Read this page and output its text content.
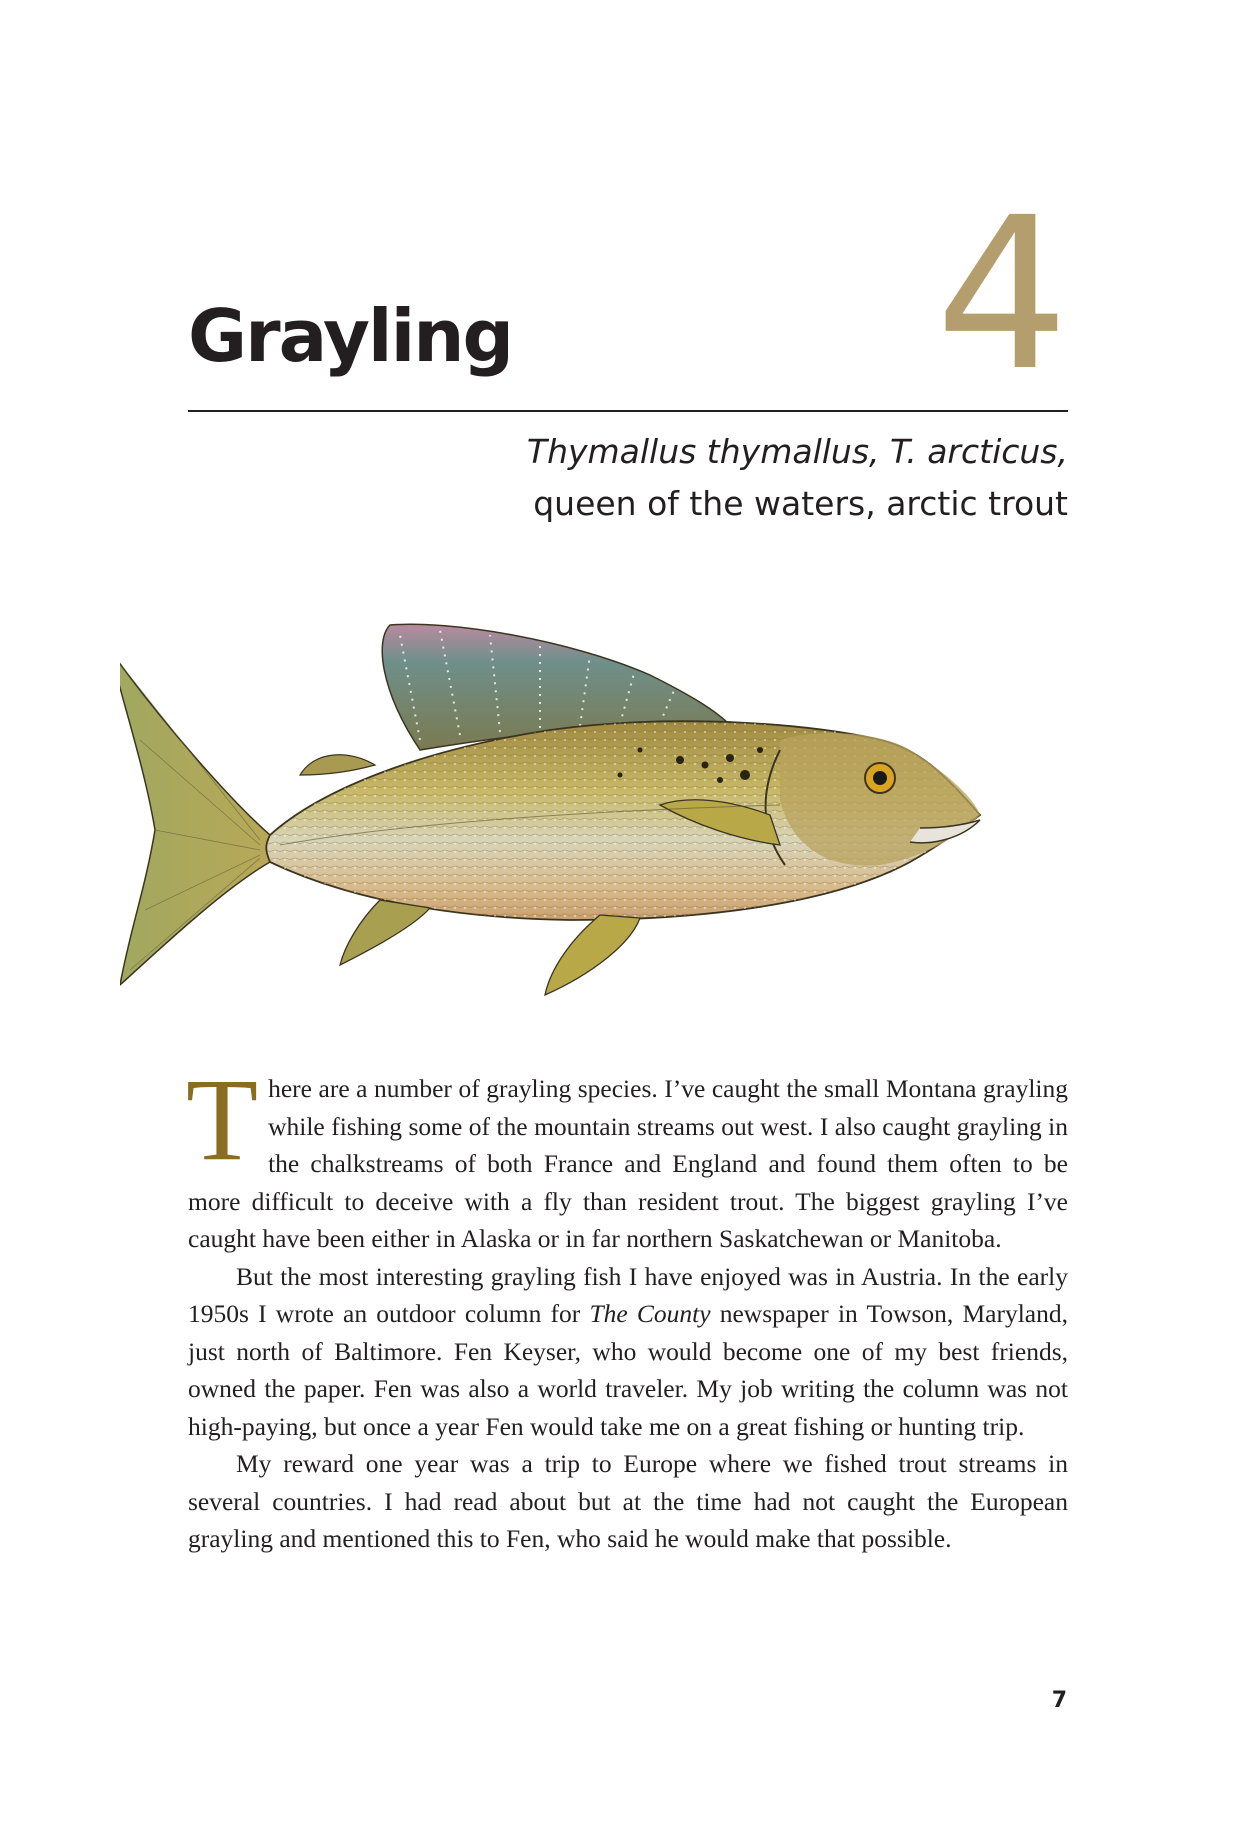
Grayling 4
Thymallus thymallus, T. arcticus,
queen of the waters, arctic trout

There are a number of grayling species. I’ve caught the small Montana grayling while fishing some of the mountain streams out west. I also caught grayling in the chalkstreams of both France and England and found them often to be more difficult to deceive with a fly than resident trout. The biggest grayling I’ve caught have been either in Alaska or in far northern Saskatchewan or Manitoba.

But the most interesting grayling fish I have enjoyed was in Austria. In the early 1950s I wrote an outdoor column for The County newspaper in Towson, Maryland, just north of Baltimore. Fen Keyser, who would become one of my best friends, owned the paper. Fen was also a world traveler. My job writing the column was not high-paying, but once a year Fen would take me on a great fishing or hunting trip.

My reward one year was a trip to Europe where we fished trout streams in several countries. I had read about but at the time had not caught the European grayling and mentioned this to Fen, who said he would make that possible.

7
